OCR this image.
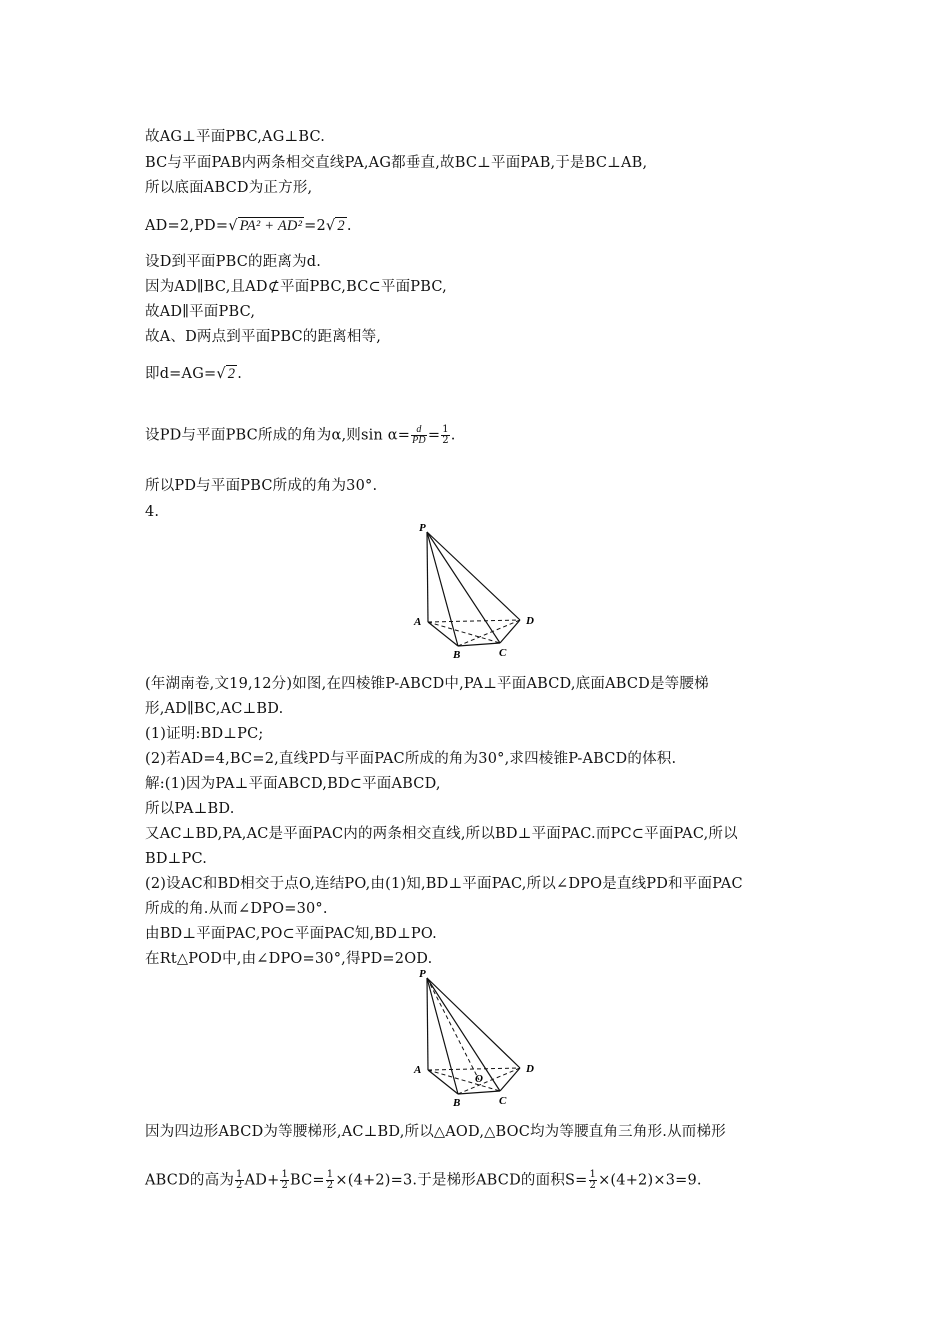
故AG⊥平面PBC,AG⊥BC.
BC与平面PAB内两条相交直线PA,AG都垂直,故BC⊥平面PAB,于是BC⊥AB,
所以底面ABCD为正方形,
AD=2,PD=√ PA² + AD² =2√ 2 .
设D到平面PBC的距离为d.
因为AD∥BC,且AD⊄平面PBC,BC⊂平面PBC,
故AD∥平面PBC,
故A、D两点到平面PBC的距离相等,
即d=AG=√ 2 .
设PD与平面PBC所成的角为α,则$\sin \alpha= \frac{d}{PD} = \frac{1}{2}$ .
所以PD与平面PBC所成的角为30°.
4.
P
A
B	C
D
(年湖南卷,文19,12分)如图,在四棱锥P-ABCD中,PA⊥平面ABCD,底面ABCD是等腰梯
形,AD∥BC,AC⊥BD.
(1)证明:BD⊥PC;
(2)若AD=4,BC=2,直线PD与平面PAC所成的角为30°,求四棱锥P-ABCD的体积.
解:(1)因为PA⊥平面ABCD,BD⊂平面ABCD,
所以PA⊥BD.
又AC⊥BD,PA,AC是平面PAC内的两条相交直线,所以BD⊥平面PAC.而PC⊂平面PAC,所以
BD⊥PC.
(2)设AC和BD相交于点O,连结PO,由(1)知,BD⊥平面PAC,所以∠DPO是直线PD和平面PAC
所成的角.从而∠DPO=30°.
由BD⊥平面PAC,PO⊂平面PAC知,BD⊥PO.
在Rt△POD中,由∠DPO=30°,得PD=2OD.
P
A
B	C
D
O
因为四边形ABCD为等腰梯形,AC⊥BD,所以△AOD,△BOC均为等腰直角三角形.从而梯形
ABCD的高为 $\frac{1}{2} AD+ \frac{1}{2} BC= \frac{1}{2} \times(4+2)=3$.于是梯形ABCD的面积$S= \frac{1}{2} \times(4+2)\times 3=9$.
